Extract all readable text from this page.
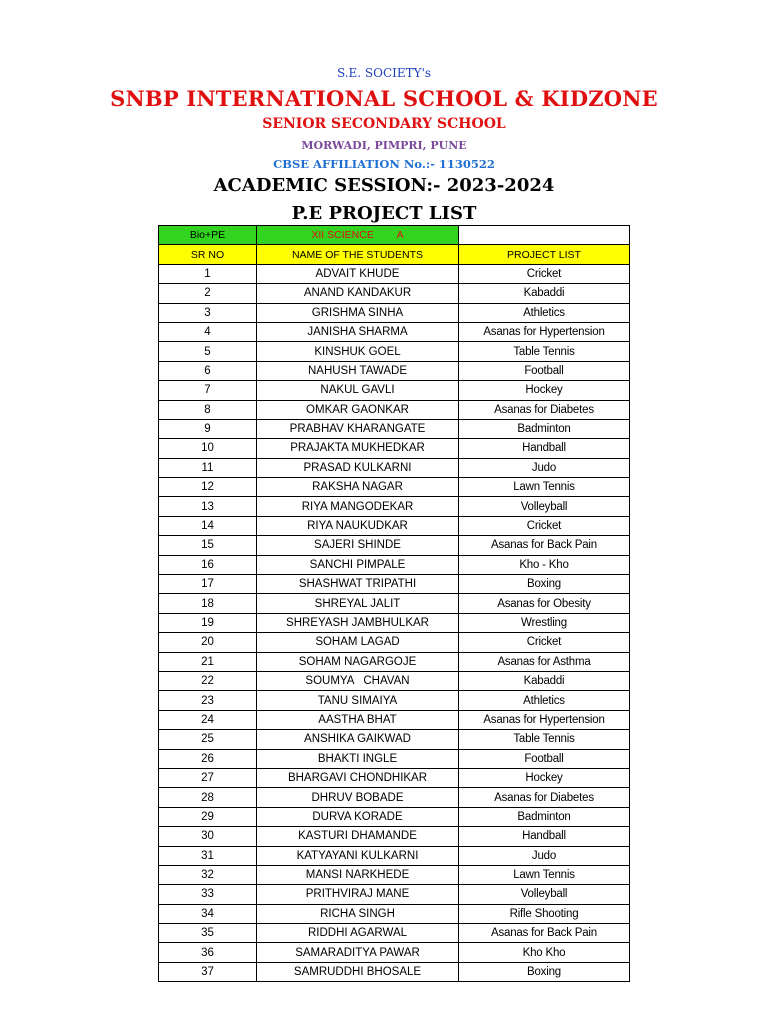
S.E. SOCIETY's
SNBP INTERNATIONAL SCHOOL & KIDZONE
SENIOR SECONDARY SCHOOL
MORWADI, PIMPRI, PUNE
CBSE AFFILIATION No.:- 1130522
ACADEMIC SESSION:- 2023-2024
P.E PROJECT LIST
Bio+PE	XII SCIENCE        A	
SR NO	NAME OF THE STUDENTS	PROJECT LIST
1	ADVAIT KHUDE	Cricket
2	ANAND KANDAKUR	Kabaddi
3	GRISHMA SINHA	Athletics
4	JANISHA SHARMA	Asanas for Hypertension
5	KINSHUK GOEL	Table Tennis
6	NAHUSH TAWADE	Football
7	NAKUL GAVLI	Hockey
8	OMKAR GAONKAR	Asanas for Diabetes
9	PRABHAV KHARANGATE	Badminton
10	PRAJAKTA MUKHEDKAR	Handball
11	PRASAD KULKARNI	Judo
12	RAKSHA NAGAR	Lawn Tennis
13	RIYA MANGODEKAR	Volleyball
14	RIYA NAUKUDKAR	Cricket
15	SAJERI SHINDE	Asanas for Back Pain
16	SANCHI PIMPALE	Kho - Kho
17	SHASHWAT TRIPATHI	Boxing
18	SHREYAL JALIT	Asanas for Obesity
19	SHREYASH JAMBHULKAR	Wrestling
20	SOHAM LAGAD	Cricket
21	SOHAM NAGARGOJE	Asanas for Asthma
22	SOUMYA   CHAVAN	Kabaddi
23	TANU SIMAIYA	Athletics
24	AASTHA BHAT	Asanas for Hypertension
25	ANSHIKA GAIKWAD	Table Tennis
26	BHAKTI INGLE	Football
27	BHARGAVI CHONDHIKAR	Hockey
28	DHRUV BOBADE	Asanas for Diabetes
29	DURVA KORADE	Badminton
30	KASTURI DHAMANDE	Handball
31	KATYAYANI KULKARNI	Judo
32	MANSI NARKHEDE	Lawn Tennis
33	PRITHVIRAJ MANE	Volleyball
34	RICHA SINGH	Rifle Shooting
35	RIDDHI AGARWAL	Asanas for Back Pain
36	SAMARADITYA PAWAR	Kho Kho
37	SAMRUDDHI BHOSALE	Boxing
